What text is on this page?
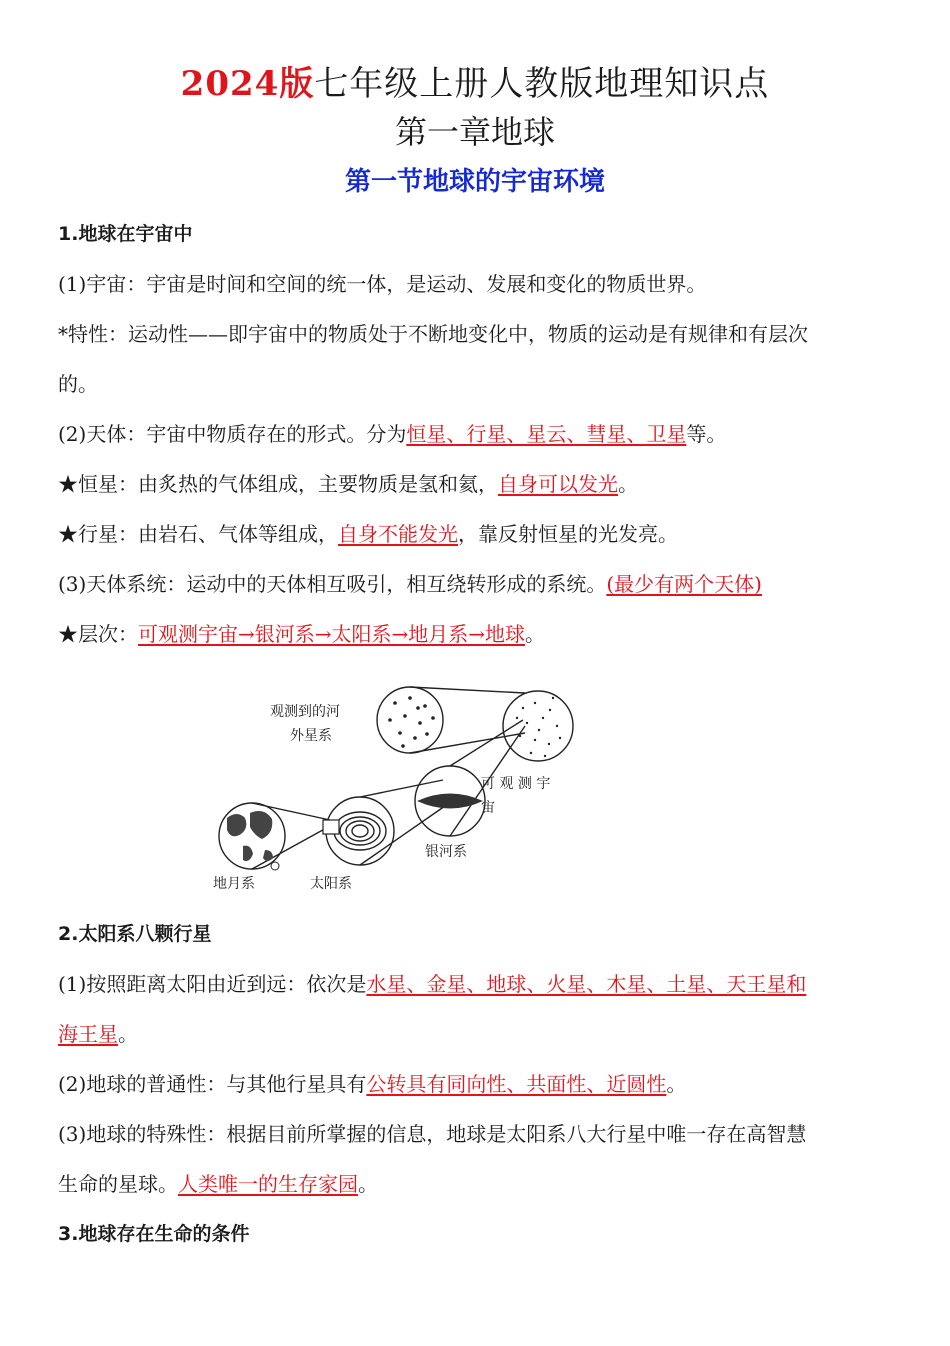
2024版七年级上册人教版地理知识点
第一章地球
第一节地球的宇宙环境
1.地球在宇宙中
(1)宇宙：宇宙是时间和空间的统一体，是运动、发展和变化的物质世界。
*特性：运动性——即宇宙中的物质处于不断地变化中，物质的运动是有规律和有层次
的。
(2)天体：宇宙中物质存在的形式。分为恒星、行星、星云、彗星、卫星等。
★恒星：由炙热的气体组成，主要物质是氢和氦，自身可以发光。
★行星：由岩石、气体等组成，自身不能发光，靠反射恒星的光发亮。
(3)天体系统：运动中的天体相互吸引，相互绕转形成的系统。(最少有两个天体)
★层次：可观测宇宙→银河系→太阳系→地月系→地球。
观测到的河
外星系
可 观 测 宇
宙
银河系
地月系	太阳系
2.太阳系八颗行星
(1)按照距离太阳由近到远：依次是水星、金星、地球、火星、木星、土星、天王星和
海王星。
(2)地球的普通性：与其他行星具有公转具有同向性、共面性、近圆性。
(3)地球的特殊性：根据目前所掌握的信息，地球是太阳系八大行星中唯一存在高智慧
生命的星球。人类唯一的生存家园。
3.地球存在生命的条件
